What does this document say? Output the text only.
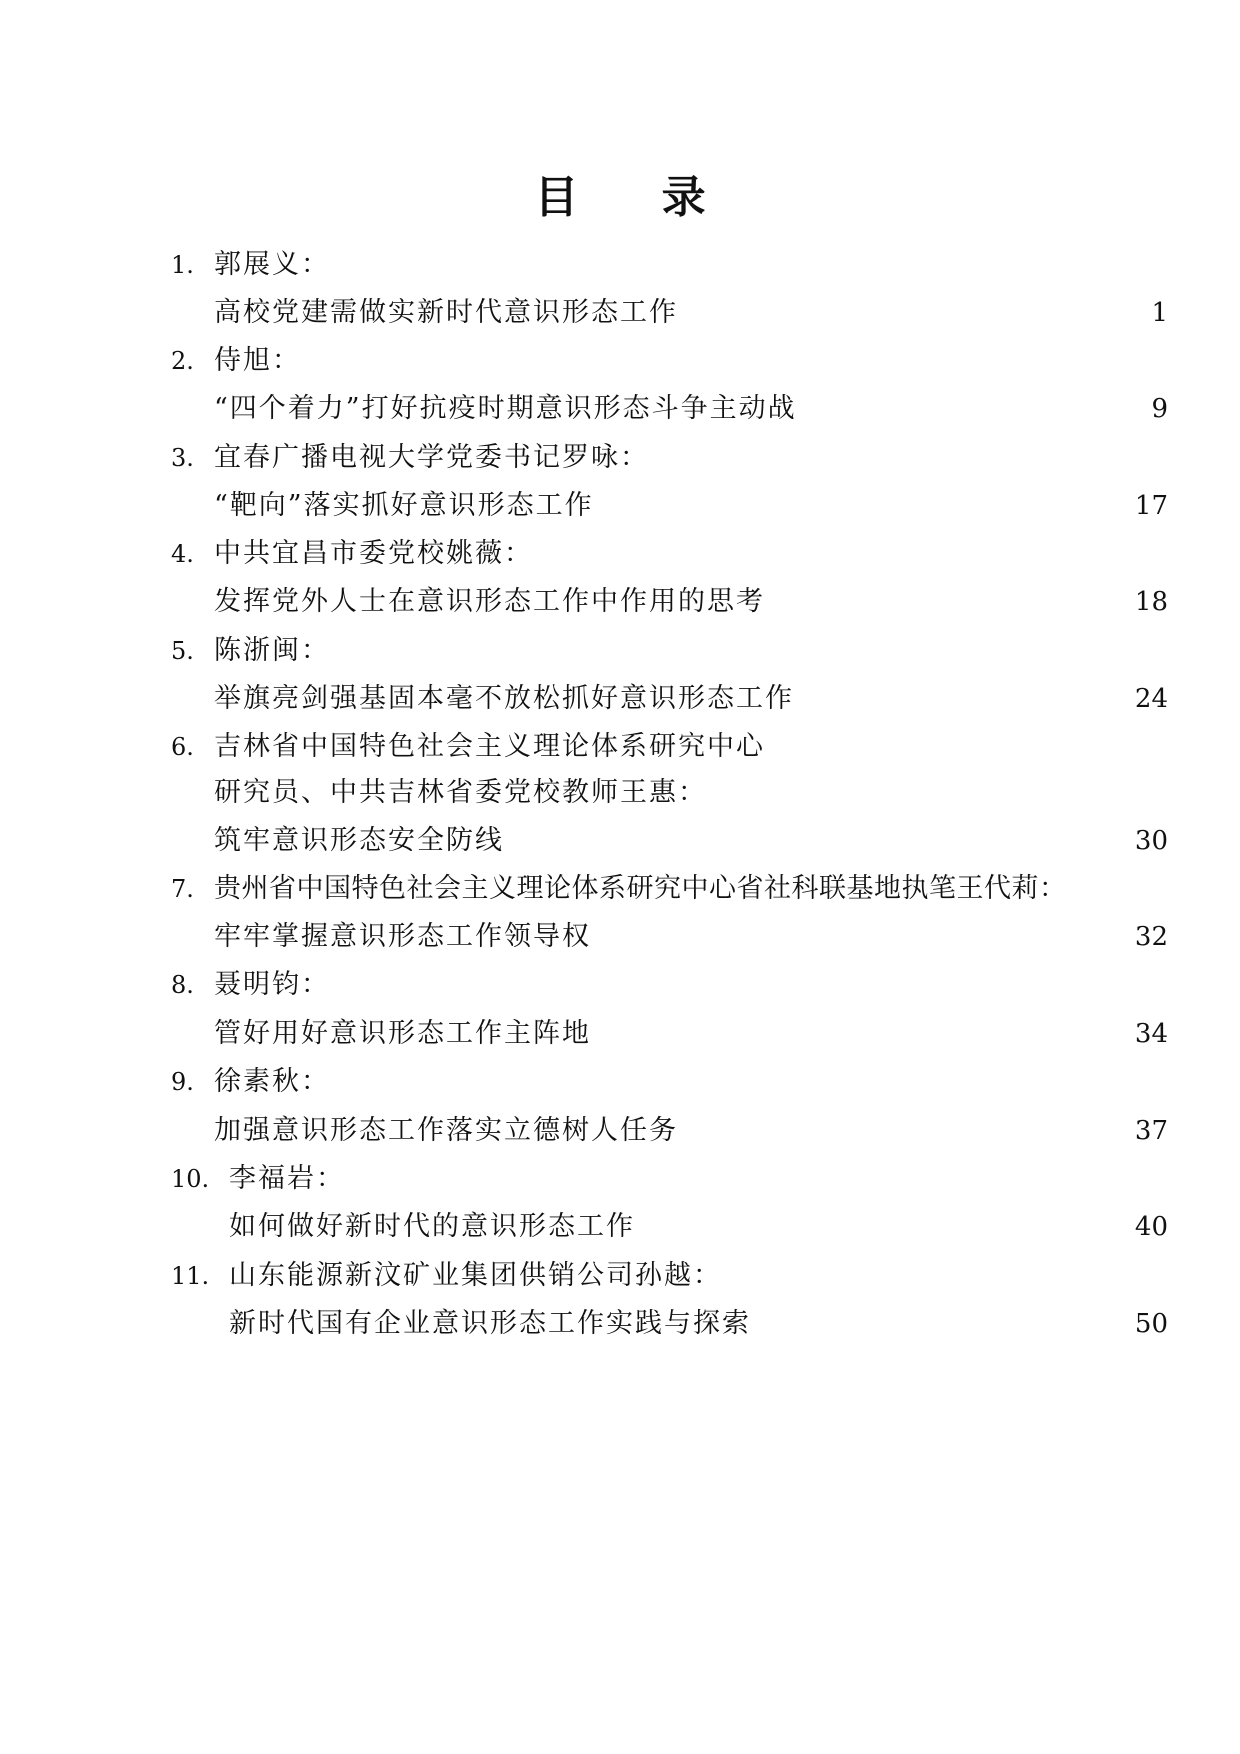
目 录
1. 郭展义：
高校党建需做实新时代意识形态工作	1
2. 侍旭：
“四个着力”打好抗疫时期意识形态斗争主动战	9
3. 宜春广播电视大学党委书记罗咏：
“靶向”落实抓好意识形态工作	17
4. 中共宜昌市委党校姚薇：
发挥党外人士在意识形态工作中作用的思考	18
5. 陈浙闽：
举旗亮剑强基固本毫不放松抓好意识形态工作	24
6. 吉林省中国特色社会主义理论体系研究中心
研究员、中共吉林省委党校教师王惠：
筑牢意识形态安全防线	30
7. 贵州省中国特色社会主义理论体系研究中心省社科联基地执笔王代莉：
牢牢掌握意识形态工作领导权	32
8. 聂明钧：
管好用好意识形态工作主阵地	34
9. 徐素秋：
加强意识形态工作落实立德树人任务	37
10. 李福岩：
如何做好新时代的意识形态工作	40
11. 山东能源新汶矿业集团供销公司孙越：
新时代国有企业意识形态工作实践与探索	50
